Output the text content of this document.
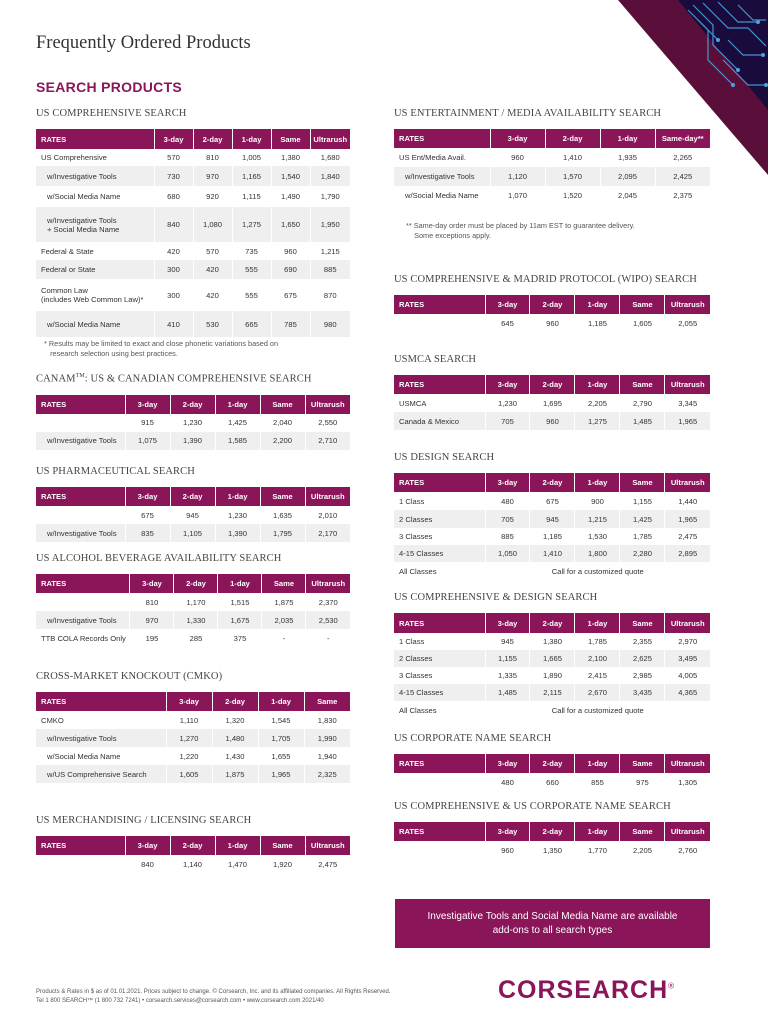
Frequently Ordered Products
SEARCH PRODUCTS
US COMPREHENSIVE SEARCH
RATES	3-day	2-day	1-day	Same	Ultrarush
US Comprehensive	570	810	1,005	1,380	1,680
w/Investigative Tools	730	970	1,165	1,540	1,840
w/Social Media Name	680	920	1,115	1,490	1,790
w/Investigative Tools
+ Social Media Name	840	1,080	1,275	1,650	1,950
Federal & State	420	570	735	960	1,215
Federal or State	300	420	555	690	885
Common Law
(includes Web Common Law)*	300	420	555	675	870
w/Social Media Name	410	530	665	785	980
* Results may be limited to exact and close phonetic variations based on
research selection using best practices.
CANAM™: US & CANADIAN COMPREHENSIVE SEARCH
RATES	3-day	2-day	1-day	Same	Ultrarush
	915	1,230	1,425	2,040	2,550
w/Investigative Tools	1,075	1,390	1,585	2,200	2,710
US PHARMACEUTICAL SEARCH
RATES	3-day	2-day	1-day	Same	Ultrarush
	675	945	1,230	1,635	2,010
w/Investigative Tools	835	1,105	1,390	1,795	2,170
US ALCOHOL BEVERAGE AVAILABILITY SEARCH
RATES	3-day	2-day	1-day	Same	Ultrarush
	810	1,170	1,515	1,875	2,370
w/Investigative Tools	970	1,330	1,675	2,035	2,530
TTB COLA Records Only	195	285	375	-	-
CROSS-MARKET KNOCKOUT (CMKO)
RATES	3-day	2-day	1-day	Same
CMKO	1,110	1,320	1,545	1,830
w/Investigative Tools	1,270	1,480	1,705	1,990
w/Social Media Name	1,220	1,430	1,655	1,940
w/US Comprehensive Search	1,605	1,875	1,965	2,325
US MERCHANDISING / LICENSING SEARCH
RATES	3-day	2-day	1-day	Same	Ultrarush
	840	1,140	1,470	1,920	2,475
US ENTERTAINMENT / MEDIA AVAILABILITY SEARCH
RATES	3-day	2-day	1-day	Same-day**
US Ent/Media Avail.	960	1,410	1,935	2,265
w/Investigative Tools	1,120	1,570	2,095	2,425
w/Social Media Name	1,070	1,520	2,045	2,375
** Same-day order must be placed by 11am EST to guarantee delivery.
Some exceptions apply.
US COMPREHENSIVE & MADRID PROTOCOL (WIPO) SEARCH
RATES	3-day	2-day	1-day	Same	Ultrarush
	645	960	1,185	1,605	2,055
USMCA SEARCH
RATES	3-day	2-day	1-day	Same	Ultrarush
USMCA	1,230	1,695	2,205	2,790	3,345
Canada & Mexico	705	960	1,275	1,485	1,965
US DESIGN SEARCH
RATES	3-day	2-day	1-day	Same	Ultrarush
1 Class	480	675	900	1,155	1,440
2 Classes	705	945	1,215	1,425	1,965
3 Classes	885	1,185	1,530	1,785	2,475
4-15 Classes	1,050	1,410	1,800	2,280	2,895
All Classes	Call for a customized quote				
US COMPREHENSIVE & DESIGN SEARCH
RATES	3-day	2-day	1-day	Same	Ultrarush
1 Class	945	1,380	1,785	2,355	2,970
2 Classes	1,155	1,665	2,100	2,625	3,495
3 Classes	1,335	1,890	2,415	2,985	4,005
4-15 Classes	1,485	2,115	2,670	3,435	4,365
All Classes	Call for a customized quote				
US CORPORATE NAME SEARCH
RATES	3-day	2-day	1-day	Same	Ultrarush
	480	660	855	975	1,305
US COMPREHENSIVE & US CORPORATE NAME SEARCH
RATES	3-day	2-day	1-day	Same	Ultrarush
	960	1,350	1,770	2,205	2,760
Investigative Tools and Social Media Name are available
add-ons to all search types
Products & Rates in $ as of 01.01.2021. Prices subject to change. © Corsearch, Inc. and its affiliated companies. All Rights Reserved.
Tel 1 800 SEARCH™ (1 800 732 7241) • corsearch.services@corsearch.com • www.corsearch.com 2021/40	CORSEARCH®
